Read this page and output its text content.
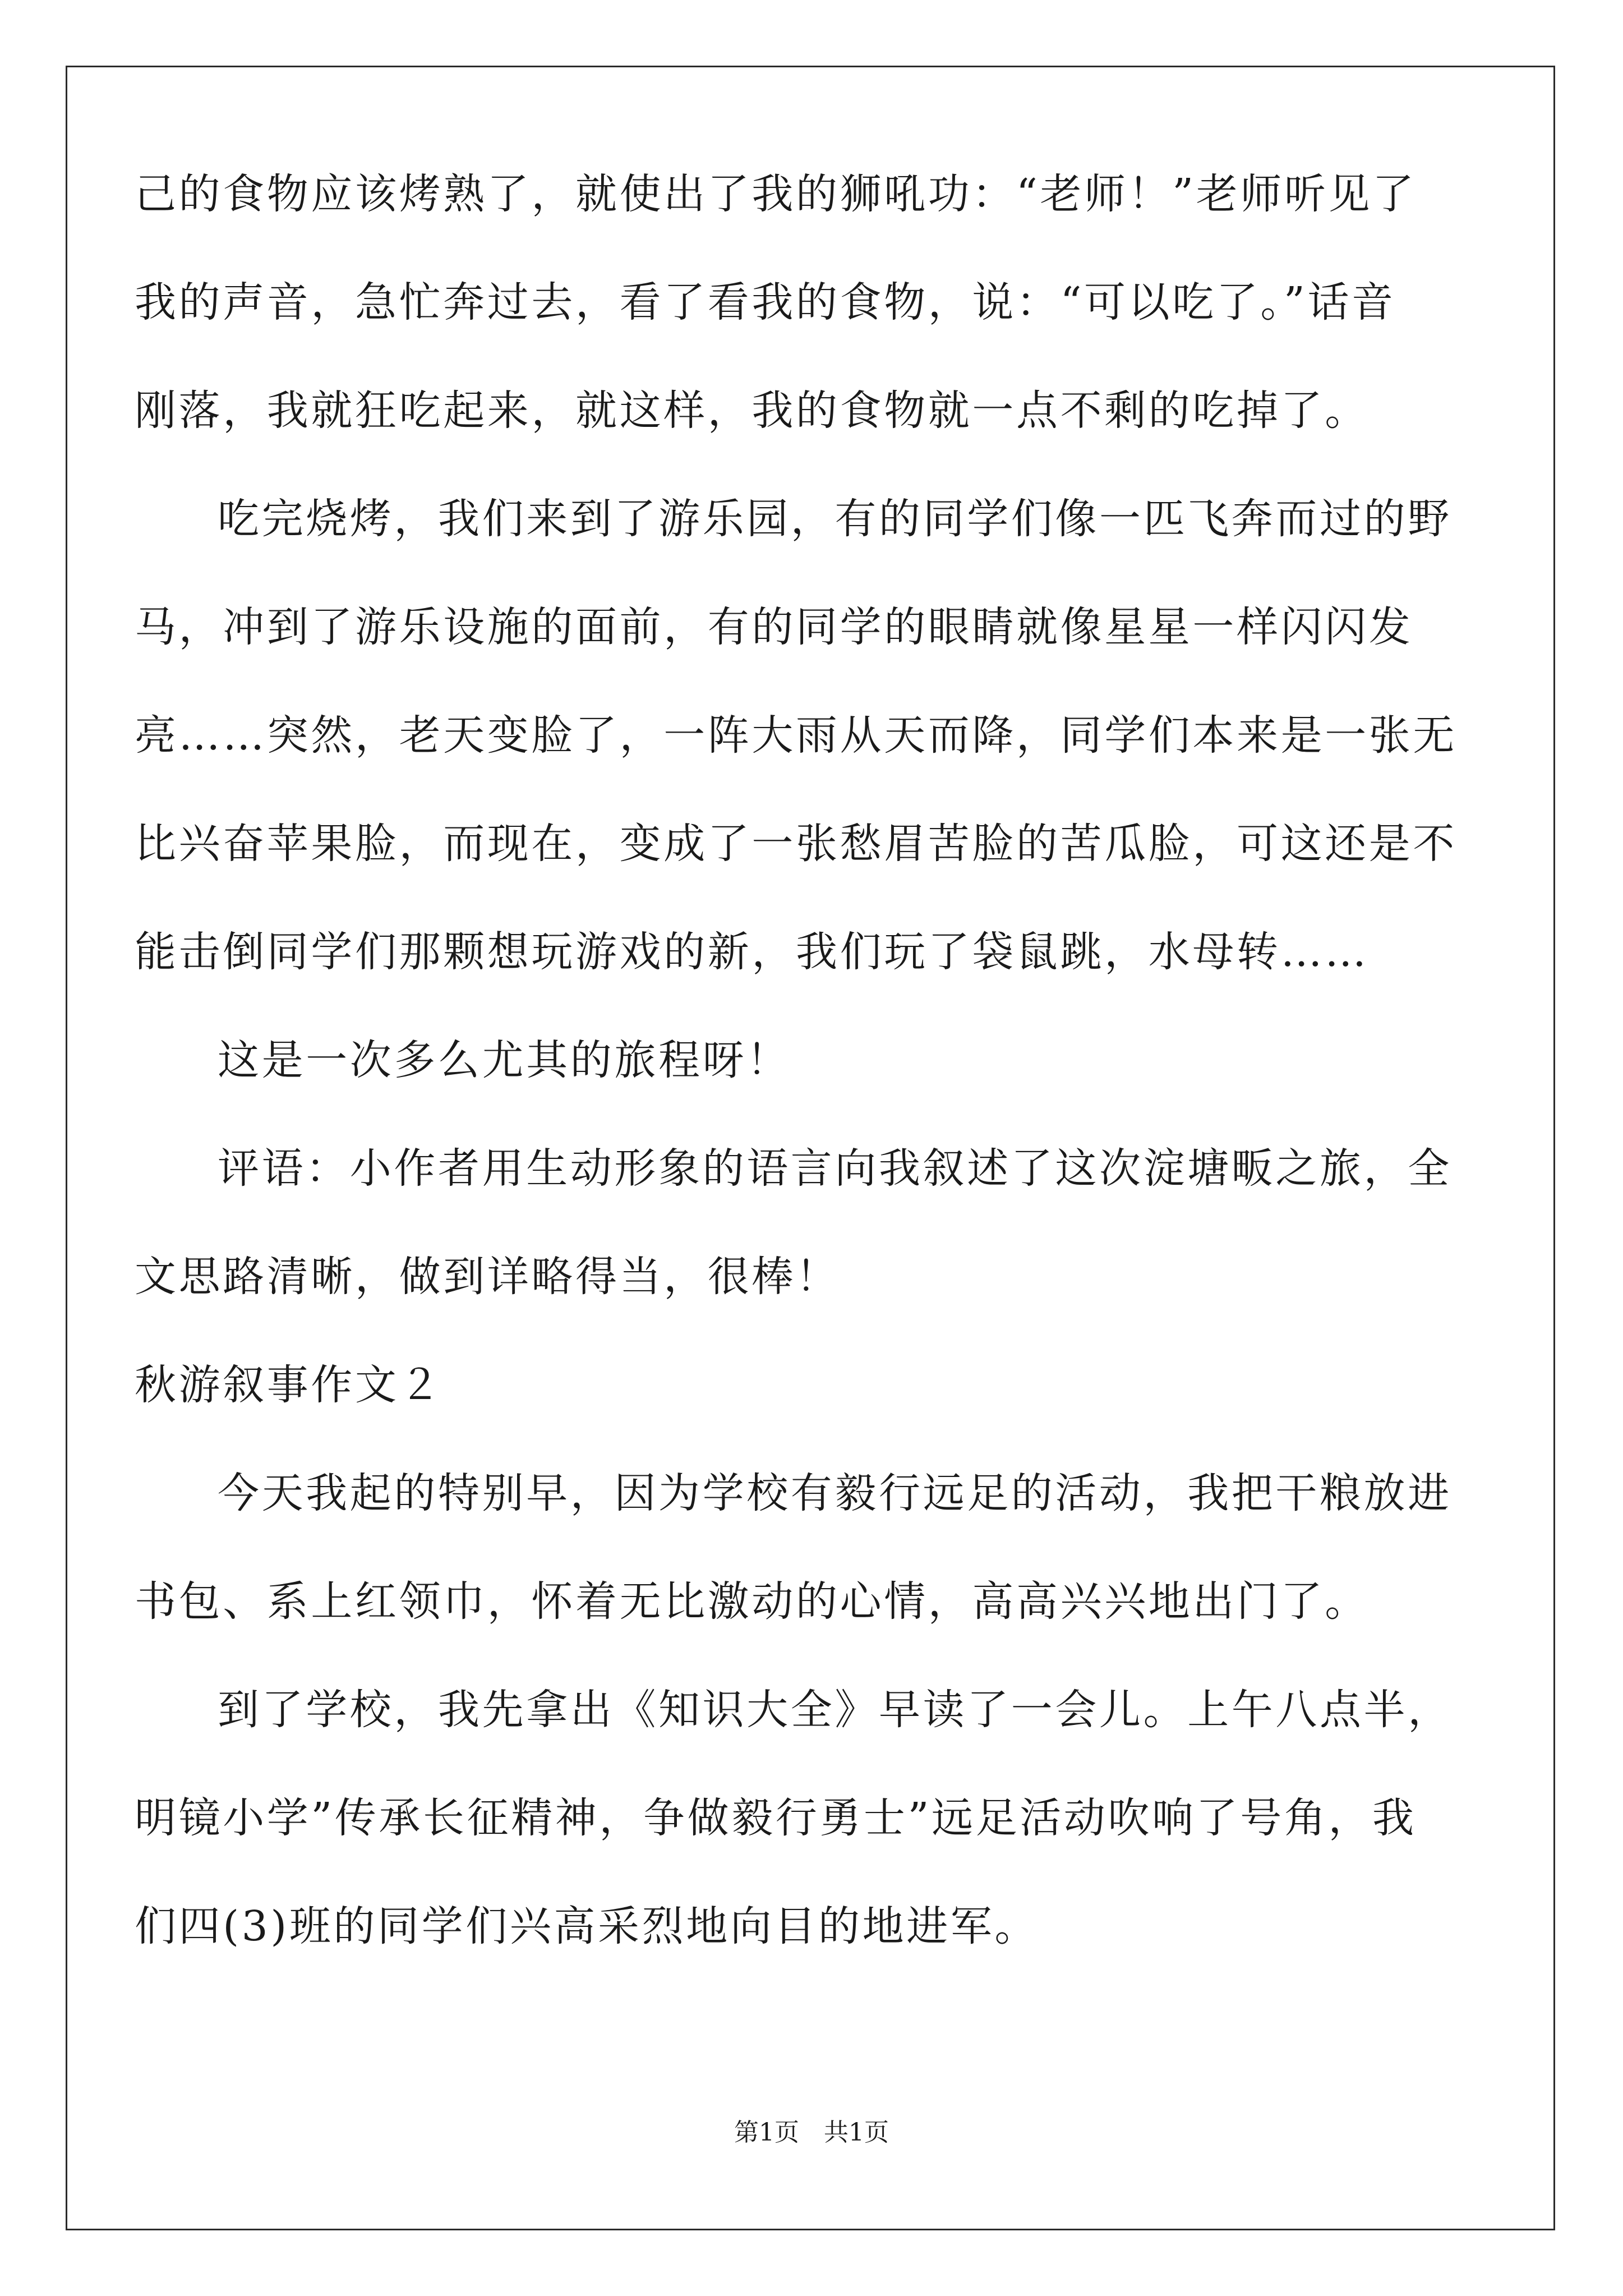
己的食物应该烤熟了，就使出了我的狮吼功：“老师！”老师听见了
我的声音，急忙奔过去，看了看我的食物，说：“可以吃了。”话音
刚落，我就狂吃起来，就这样，我的食物就一点不剩的吃掉了。
吃完烧烤，我们来到了游乐园，有的同学们像一匹飞奔而过的野
马，冲到了游乐设施的面前，有的同学的眼睛就像星星一样闪闪发
亮……突然，老天变脸了，一阵大雨从天而降，同学们本来是一张无
比兴奋苹果脸，而现在，变成了一张愁眉苦脸的苦瓜脸，可这还是不
能击倒同学们那颗想玩游戏的新，我们玩了袋鼠跳，水母转……
这是一次多么尤其的旅程呀！
评语：小作者用生动形象的语言向我叙述了这次淀塘畈之旅，全
文思路清晰，做到详略得当，很棒！
秋游叙事作文２
今天我起的特别早，因为学校有毅行远足的活动，我把干粮放进
书包、系上红领巾，怀着无比激动的心情，高高兴兴地出门了。
到了学校，我先拿出《知识大全》早读了一会儿。上午八点半，
明镜小学”传承长征精神，争做毅行勇士”远足活动吹响了号角，我
们四(3)班的同学们兴高采烈地向目的地进军。
第1页　共1页
